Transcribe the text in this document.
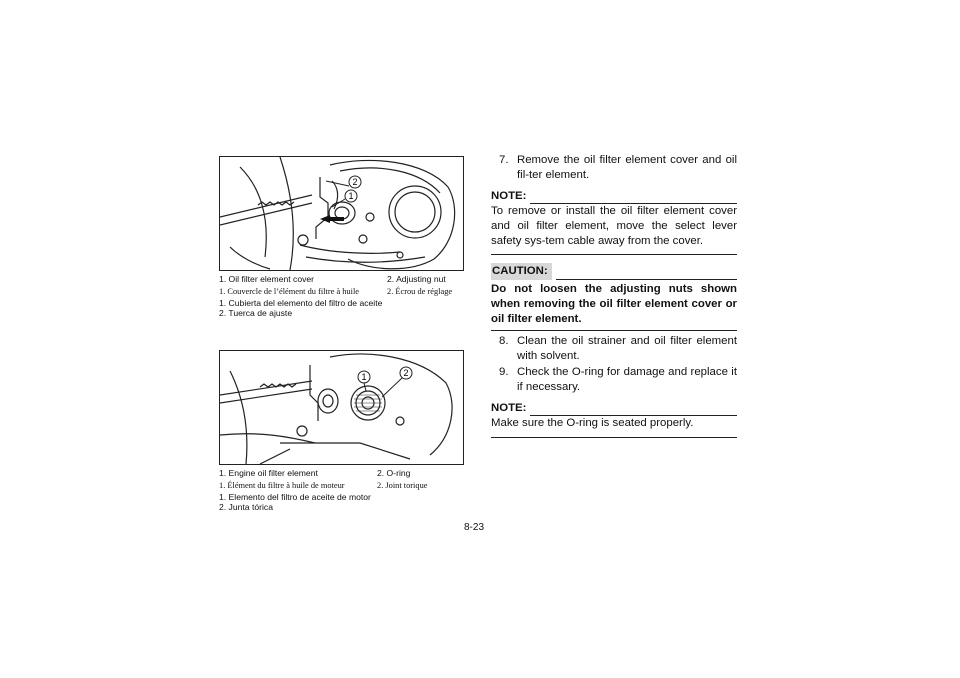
1
2
1. Oil filter element cover	2. Adjusting nut
1. Couvercle de l’élément du filtre à huile	2. Écrou de réglage
1. Cubierta del elemento del filtro de aceite
2. Tuerca de ajuste
1	2
1. Engine oil filter element	2. O-ring
1. Élément du filtre à huile de moteur	2. Joint torique
1. Elemento del filtro de aceite de motor
2. Junta tórica
7. Remove the oil filter element cover and oil fil-ter element.
NOTE:
To remove or install the oil filter element cover and oil filter element, move the select lever safety sys-tem cable away from the cover.
CAUTION:
Do not loosen the adjusting nuts shown when removing the oil filter element cover or oil filter element.
8. Clean the oil strainer and oil filter element with solvent.
9. Check the O-ring for damage and replace it if necessary.
NOTE:
Make sure the O-ring is seated properly.
8-23
